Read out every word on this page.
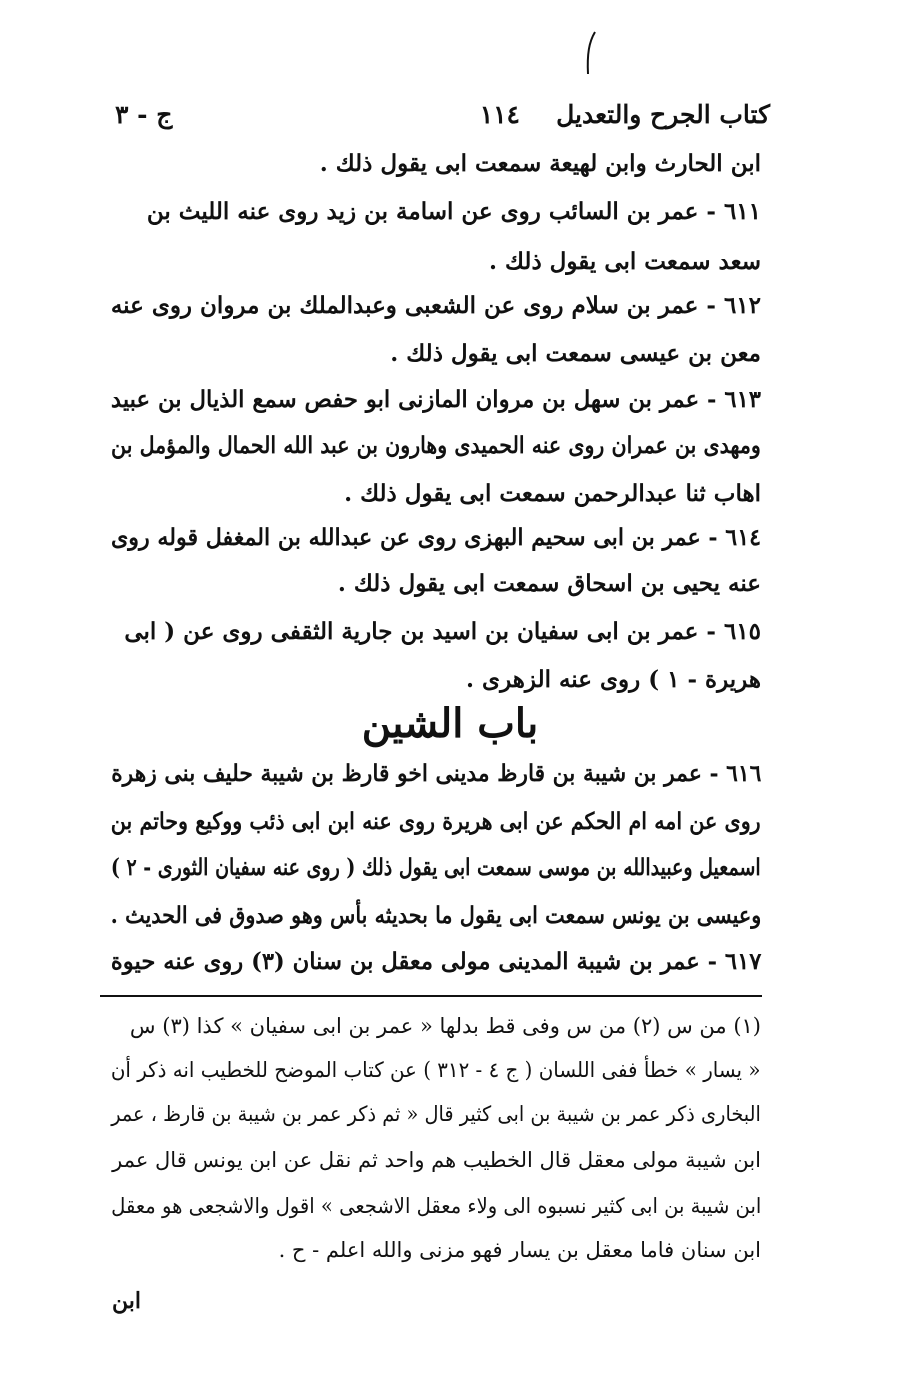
كتاب الجرح والتعديل
١١٤
ج - ٣
ابن الحارث وابن لهيعة سمعت ابى يقول ذلك .
٦١١ - عمر بن السائب روى عن اسامة بن زيد روى عنه الليث بن
سعد سمعت ابى يقول ذلك .
٦١٢ - عمر بن سلام روى عن الشعبى وعبدالملك بن مروان روى عنه
معن بن عيسى سمعت ابى يقول ذلك .
٦١٣ - عمر بن سهل بن مروان المازنى ابو حفص سمع الذيال بن عبيد
ومهدى بن عمران روى عنه الحميدى وهارون بن عبد الله الحمال والمؤمل بن
اهاب ثنا عبدالرحمن سمعت ابى يقول ذلك .
٦١٤ - عمر بن ابى سحيم البهزى روى عن عبدالله بن المغفل قوله روى
عنه يحيى بن اسحاق سمعت ابى يقول ذلك .
٦١٥ - عمر بن ابى سفيان بن اسيد بن جارية الثقفى روى عن ( ابى
هريرة - ١ ) روى عنه الزهرى .
باب الشين
٦١٦ - عمر بن شيبة بن قارظ مدينى اخو قارظ بن شيبة حليف بنى زهرة
روى عن امه ام الحكم عن ابى هريرة روى عنه ابن ابى ذئب ووكيع وحاتم بن
اسمعيل وعبيدالله بن موسى سمعت ابى يقول ذلك ( روى عنه سفيان الثورى - ٢ )
وعيسى بن يونس سمعت ابى يقول ما بحديثه بأس وهو صدوق فى الحديث .
٦١٧ - عمر بن شيبة المدينى مولى معقل بن سنان (٣) روى عنه حيوة
(١) من س (٢) من س وفى قط بدلها « عمر بن ابى سفيان » كذا (٣) س
« يسار » خطأ ففى اللسان ( ج ٤ - ٣١٢ ) عن كتاب الموضح للخطيب انه ذكر أن
البخارى ذكر عمر بن شيبة بن ابى كثير قال « ثم ذكر عمر بن شيبة بن قارظ ، عمر
ابن شيبة مولى معقل قال الخطيب هم واحد ثم نقل عن ابن يونس قال عمر
ابن شيبة بن ابى كثير نسبوه الى ولاء معقل الاشجعى » اقول والاشجعى هو معقل
ابن سنان فاما معقل بن يسار فهو مزنى والله اعلم - ح .
ابن
